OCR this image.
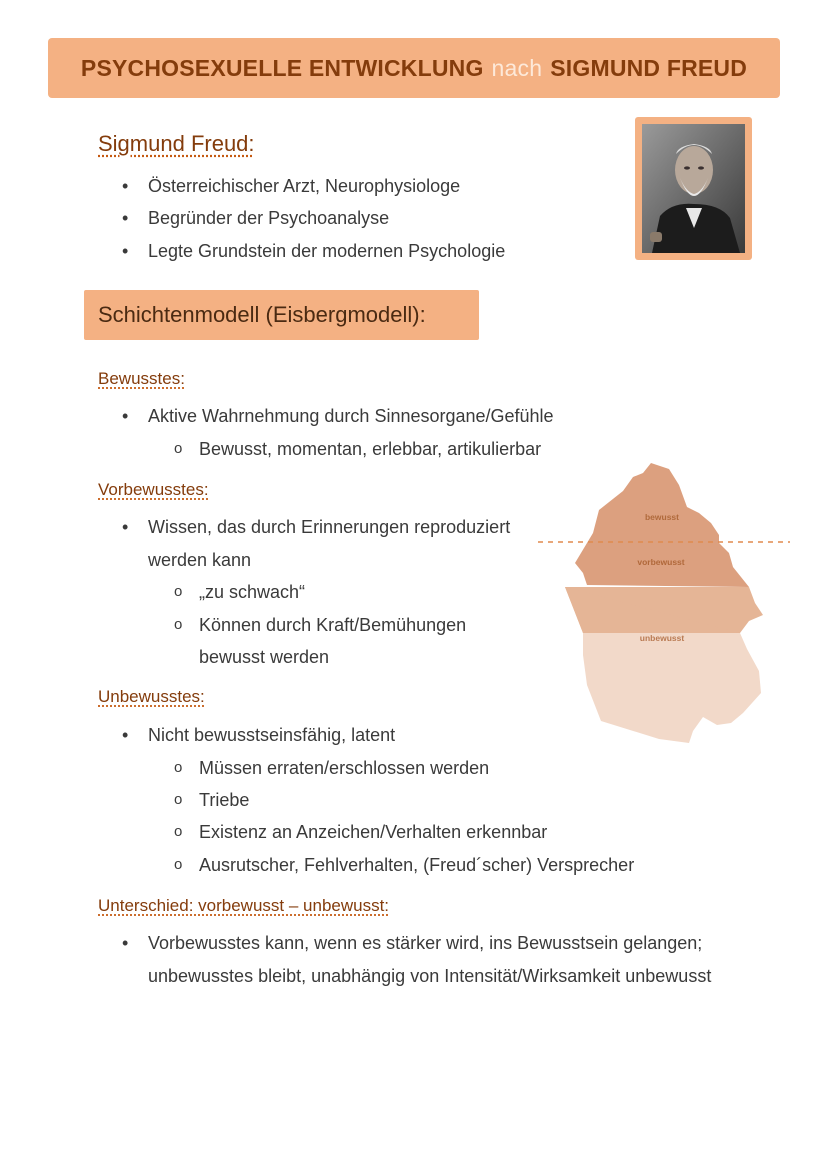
PSYCHOSEXUELLE ENTWICKLUNG nach SIGMUND FREUD
Sigmund Freud:
Österreichischer Arzt, Neurophysiologe
Begründer der Psychoanalyse
Legte Grundstein der modernen Psychologie
Schichtenmodell (Eisbergmodell):
Bewusstes:
Aktive Wahrnehmung durch Sinnesorgane/Gefühle
Bewusst, momentan, erlebbar, artikulierbar
Vorbewusstes:
Wissen, das durch Erinnerungen reproduziert
werden kann
„zu schwach“
Können durch Kraft/Bemühungen
bewusst werden
Unbewusstes:
Nicht bewusstseinsfähig, latent
Müssen erraten/erschlossen werden
Triebe
Existenz an Anzeichen/Verhalten erkennbar
Ausrutscher, Fehlverhalten, (Freud´scher) Versprecher
Unterschied: vorbewusst – unbewusst:
Vorbewusstes kann, wenn es stärker wird, ins Bewusstsein gelangen;
unbewusstes bleibt, unabhängig von Intensität/Wirksamkeit unbewusst
bewusst
vorbewusst
unbewusst
